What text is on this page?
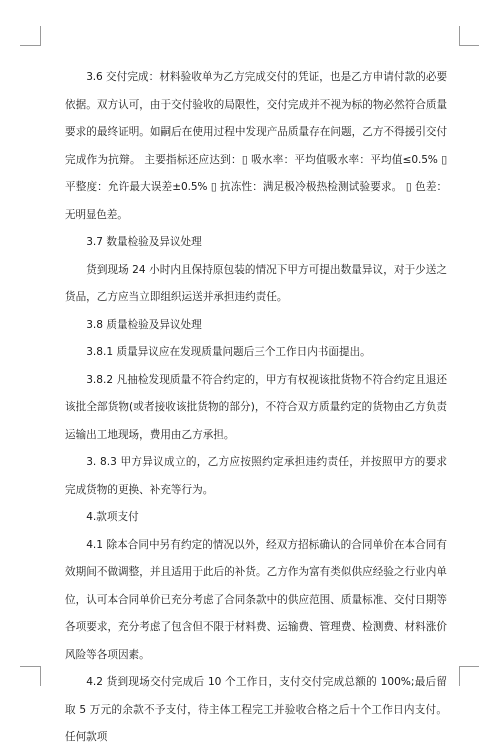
3.6 交付完成：材料验收单为乙方完成交付的凭证，也是乙方申请付款的必要依据。双方认可，由于交付验收的局限性，交付完成并不视为标的物必然符合质量要求的最终证明。如嗣后在使用过程中发现产品质量存在问题，乙方不得援引交付完成作为抗辩。 主要指标还应达到：▯ 吸水率：平均值吸水率：平均值≤0.5% ▯ 平整度：允许最大误差±0.5% ▯ 抗冻性：满足极冷极热检测试验要求。 ▯ 色差：无明显色差。

3.7 数量检验及异议处理

货到现场 24 小时内且保持原包装的情况下甲方可提出数量异议，对于少送之货品，乙方应当立即组织运送并承担违约责任。

3.8 质量检验及异议处理

3.8.1 质量异议应在发现质量问题后三个工作日内书面提出。

3.8.2 凡抽检发现质量不符合约定的，甲方有权视该批货物不符合约定且退还该批全部货物(或者接收该批货物的部分)，不符合双方质量约定的货物由乙方负责运输出工地现场，费用由乙方承担。

3. 8.3 甲方异议成立的，乙方应按照约定承担违约责任，并按照甲方的要求完成货物的更换、补充等行为。

4.款项支付

4.1 除本合同中另有约定的情况以外，经双方招标确认的合同单价在本合同有效期间不做调整，并且适用于此后的补货。乙方作为富有类似供应经验之行业内单位，认可本合同单价已充分考虑了合同条款中的供应范围、质量标准、交付日期等各项要求，充分考虑了包含但不限于材料费、运输费、管理费、检测费、材料涨价风险等各项因素。

4.2 货到现场交付完成后 10 个工作日，支付交付完成总额的 100%;最后留取 5 万元的余款不予支付，待主体工程完工并验收合格之后十个工作日内支付。任何款项
